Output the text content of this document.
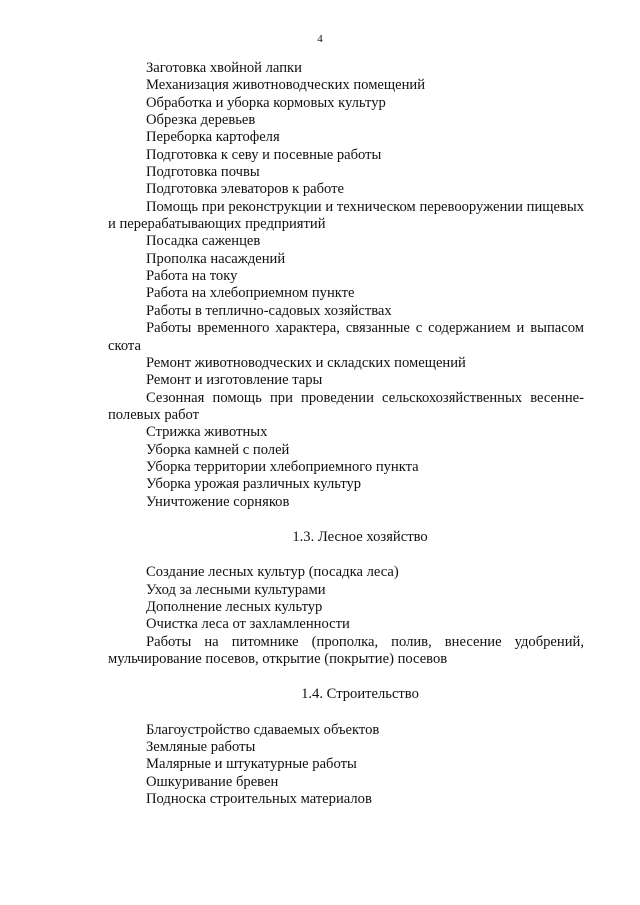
4
Заготовка хвойной лапки
Механизация животноводческих помещений
Обработка и уборка кормовых культур
Обрезка деревьев
Переборка картофеля
Подготовка к севу и посевные работы
Подготовка почвы
Подготовка элеваторов к работе
Помощь при реконструкции и техническом перевооружении пищевых и перерабатывающих предприятий
Посадка саженцев
Прополка насаждений
Работа на току
Работа на хлебоприемном пункте
Работы в теплично-садовых хозяйствах
Работы временного характера, связанные с содержанием и выпасом скота
Ремонт животноводческих и складских помещений
Ремонт и изготовление тары
Сезонная помощь при проведении сельскохозяйственных весенне-полевых работ
Стрижка животных
Уборка камней с полей
Уборка территории хлебоприемного пункта
Уборка урожая различных культур
Уничтожение сорняков
1.3. Лесное хозяйство
Создание лесных культур (посадка леса)
Уход за лесными культурами
Дополнение лесных культур
Очистка леса от захламленности
Работы на питомнике (прополка, полив, внесение удобрений, мульчирование посевов, открытие (покрытие) посевов
1.4. Строительство
Благоустройство сдаваемых объектов
Земляные работы
Малярные и штукатурные работы
Ошкуривание бревен
Подноска строительных материалов
